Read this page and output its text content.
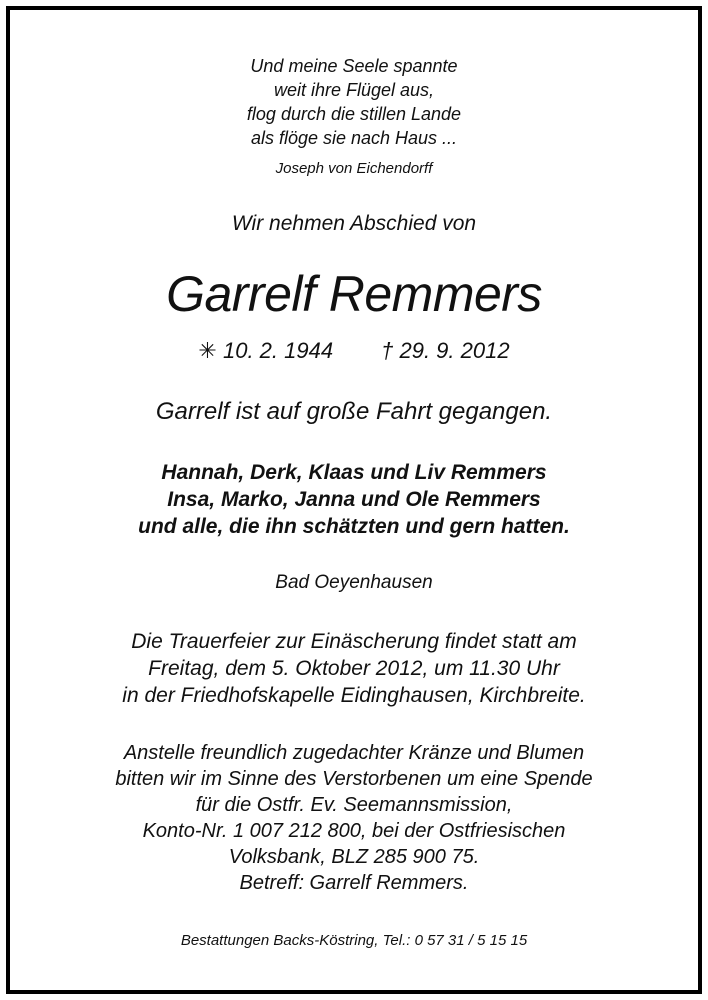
Und meine Seele spannte

weit ihre Flügel aus,

flog durch die stillen Lande

als flöge sie nach Haus ...

Joseph von Eichendorff

Wir nehmen Abschied von

Garrelf Remmers

✳ 10. 2. 1944 † 29. 9. 2012

Garrelf ist auf große Fahrt gegangen.

Hannah, Derk, Klaas und Liv Remmers

Insa, Marko, Janna und Ole Remmers

und alle, die ihn schätzten und gern hatten.

Bad Oeyenhausen

Die Trauerfeier zur Einäscherung findet statt am

Freitag, dem 5. Oktober 2012, um 11.30 Uhr

in der Friedhofskapelle Eidinghausen, Kirchbreite.

Anstelle freundlich zugedachter Kränze und Blumen

bitten wir im Sinne des Verstorbenen um eine Spende

für die Ostfr. Ev. Seemannsmission,

Konto-Nr. 1 007 212 800, bei der Ostfriesischen

Volksbank, BLZ 285 900 75.

Betreff: Garrelf Remmers.

Bestattungen Backs-Köstring, Tel.: 0 57 31 / 5 15 15
